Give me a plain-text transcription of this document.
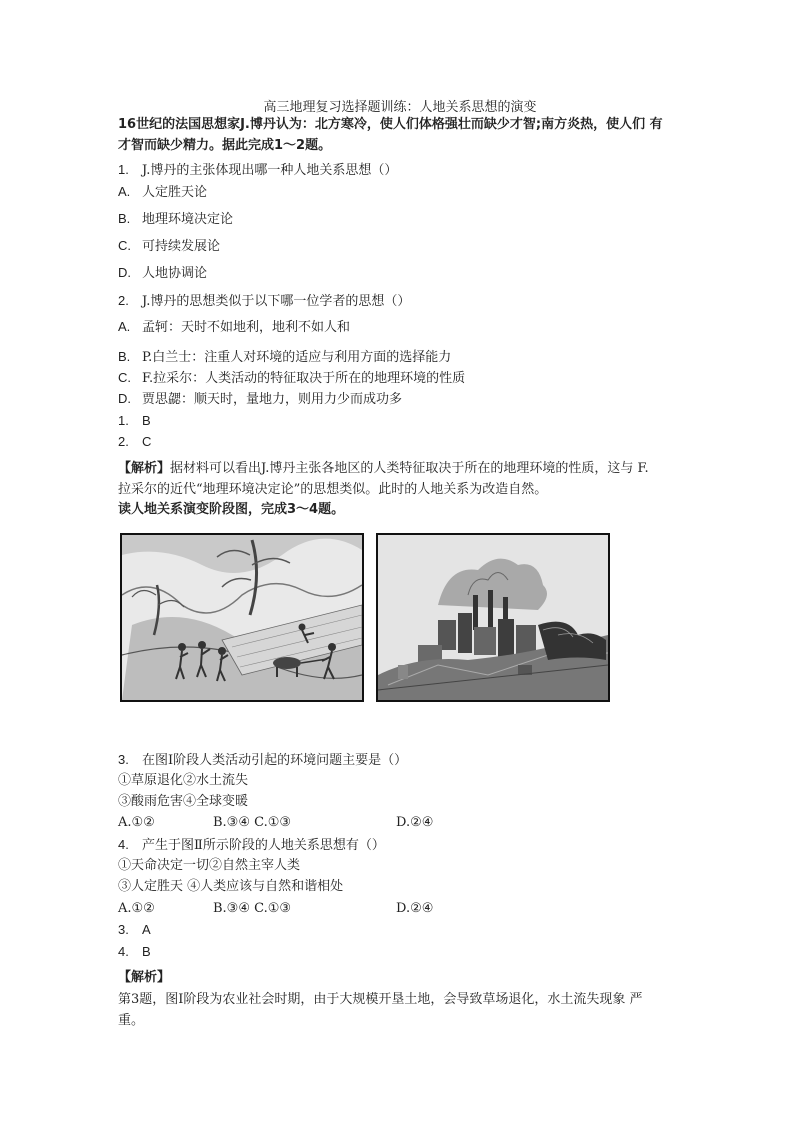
高三地理复习选择题训练：人地关系思想的演变
16世纪的法国思想家J.博丹认为：北方寒冷，使人们体格强壮而缺少才智;南方炎热，使人们 有
才智而缺少精力。据此完成1～2题。
1. J.博丹的主张体现出哪一种人地关系思想（）
A. 人定胜天论
B. 地理环境决定论
C. 可持续发展论
D. 人地协调论
2. J.博丹的思想类似于以下哪一位学者的思想（）
A. 孟轲：天时不如地利，地利不如人和
B. P.白兰士：注重人对环境的适应与利用方面的选择能力
C. F.拉采尔：人类活动的特征取决于所在的地理环境的性质
D. 贾思勰：顺天时，量地力，则用力少而成功多
1. B
2. C
【解析】据材料可以看出J.博丹主张各地区的人类特征取决于所在的地理环境的性质，这与 F.
拉采尔的近代“地理环境决定论”的思想类似。此时的人地关系为改造自然。
读人地关系演变阶段图，完成3～4题。
3. 在图Ⅰ阶段人类活动引起的环境问题主要是（）
①草原退化②水土流失
③酸雨危害④全球变暖
A.①②	B.③④ C.①③	D.②④
4. 产生于图Ⅱ所示阶段的人地关系思想有（）
①天命决定一切②自然主宰人类
③人定胜天 ④人类应该与自然和谐相处
A.①②	B.③④ C.①③	D.②④
3. A
4. B
【解析】
第3题，图Ⅰ阶段为农业社会时期，由于大规模开垦土地，会导致草场退化，水土流失现象 严
重。
